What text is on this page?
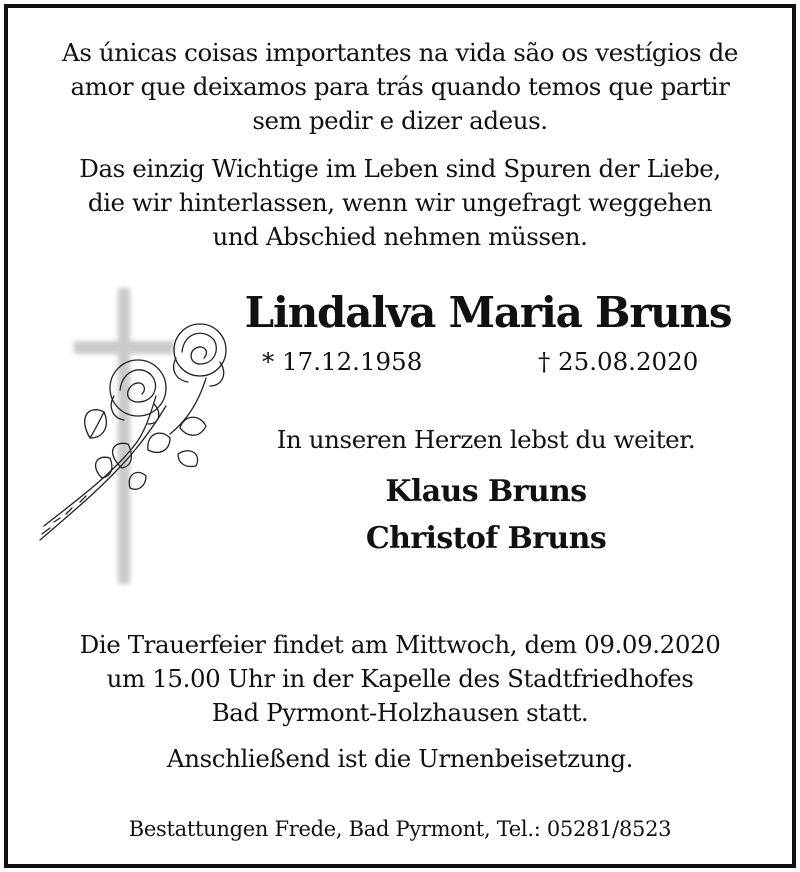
As únicas coisas importantes na vida são os vestígios de
amor que deixamos para trás quando temos que partir
sem pedir e dizer adeus.
Das einzig Wichtige im Leben sind Spuren der Liebe,
die wir hinterlassen, wenn wir ungefragt weggehen
und Abschied nehmen müssen.
Lindalva Maria Bruns
* 17.12.1958	† 25.08.2020
In unseren Herzen lebst du weiter.
Klaus Bruns
Christof Bruns
Die Trauerfeier findet am Mittwoch, dem 09.09.2020
um 15.00 Uhr in der Kapelle des Stadtfriedhofes
Bad Pyrmont-Holzhausen statt.
Anschließend ist die Urnenbeisetzung.
Bestattungen Frede, Bad Pyrmont, Tel.: 05281/8523
